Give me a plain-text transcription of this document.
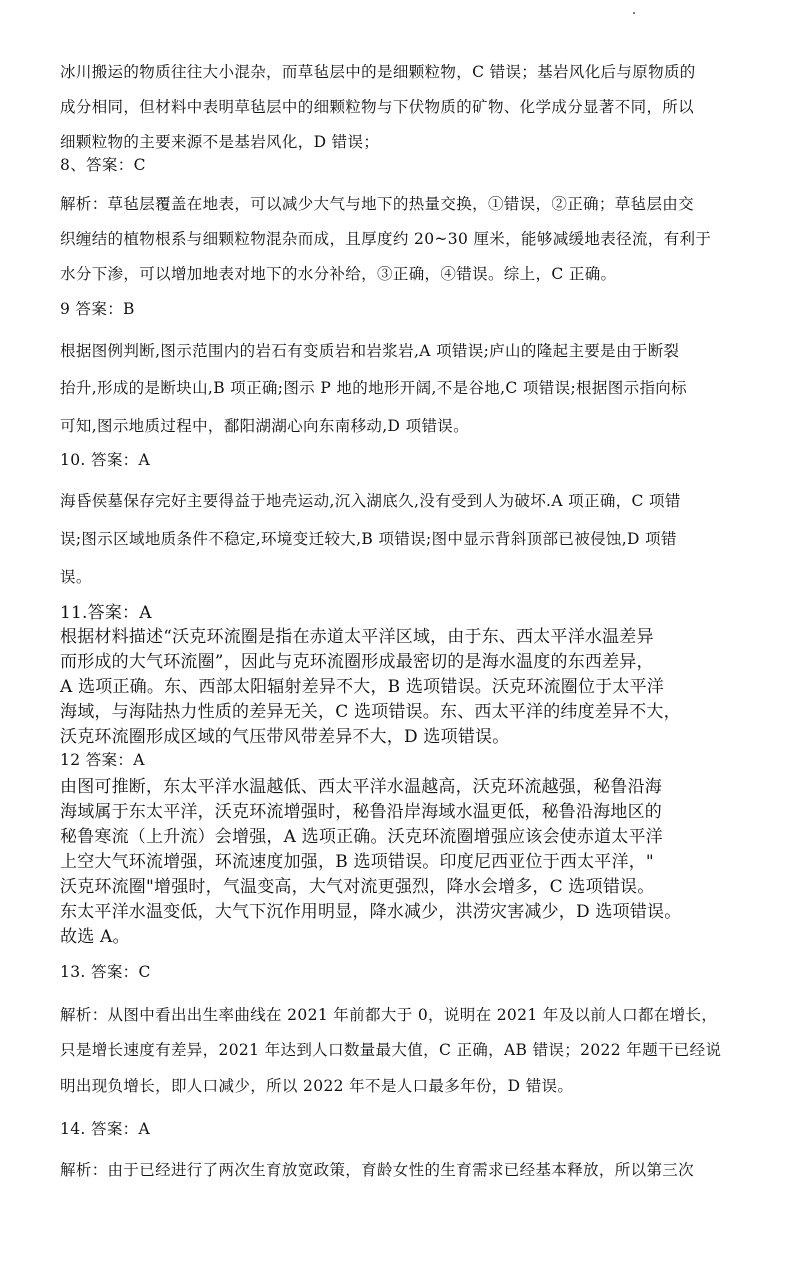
冰川搬运的物质往往大小混杂，而草毡层中的是细颗粒物，C 错误；基岩风化后与原物质的
成分相同，但材料中表明草毡层中的细颗粒物与下伏物质的矿物、化学成分显著不同，所以
细颗粒物的主要来源不是基岩风化，D 错误；
8、答案：C
解析：草毡层覆盖在地表，可以减少大气与地下的热量交换，①错误，②正确；草毡层由交
织缠结的植物根系与细颗粒物混杂而成，且厚度约 20~30 厘米，能够减缓地表径流，有利于
水分下渗，可以增加地表对地下的水分补给，③正确，④错误。综上，C 正确。
9 答案：B
根据图例判断,图示范围内的岩石有变质岩和岩浆岩,A 项错误;庐山的隆起主要是由于断裂
抬升,形成的是断块山,B 项正确;图示 P 地的地形开阔,不是谷地,C 项错误;根据图示指向标
可知,图示地质过程中，鄱阳湖湖心向东南移动,D 项错误。
10. 答案：A
海昏侯墓保存完好主要得益于地壳运动,沉入湖底久,没有受到人为破坏.A 项正确，C 项错
误;图示区域地质条件不稳定,环境变迁较大,B 项错误;图中显示背斜顶部已被侵蚀,D 项错
误。
11.答案：A
根据材料描述“沃克环流圈是指在赤道太平洋区域，由于东、西太平洋水温差异
而形成的大气环流圈”，因此与克环流圈形成最密切的是海水温度的东西差异，
A 选项正确。东、西部太阳辐射差异不大，B 选项错误。沃克环流圈位于太平洋
海域，与海陆热力性质的差异无关，C 选项错误。东、西太平洋的纬度差异不大，
沃克环流圈形成区域的气压带风带差异不大，D 选项错误。
12 答案：A
由图可推断，东太平洋水温越低、西太平洋水温越高，沃克环流越强，秘鲁沿海
海域属于东太平洋，沃克环流增强时，秘鲁沿岸海域水温更低，秘鲁沿海地区的
秘鲁寒流（上升流）会增强，A 选项正确。沃克环流圈增强应该会使赤道太平洋
上空大气环流增强，环流速度加强，B 选项错误。印度尼西亚位于西太平洋，"
沃克环流圈"增强时，气温变高，大气对流更强烈，降水会增多，C 选项错误。
东太平洋水温变低，大气下沉作用明显，降水减少，洪涝灾害减少，D 选项错误。
故选 A。
13. 答案：C
解析：从图中看出出生率曲线在 2021 年前都大于 0，说明在 2021 年及以前人口都在增长，
只是增长速度有差异，2021 年达到人口数量最大值，C 正确，AB 错误；2022 年题干已经说
明出现负增长，即人口减少，所以 2022 年不是人口最多年份，D 错误。
14. 答案：A
解析：由于已经进行了两次生育放宽政策，育龄女性的生育需求已经基本释放，所以第三次
